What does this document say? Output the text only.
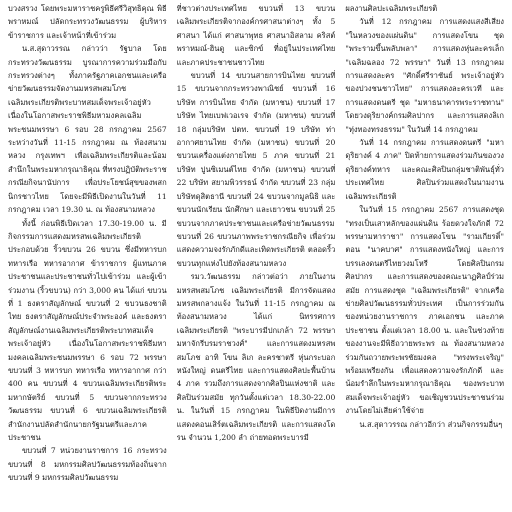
บวงสรวง โดยพระมหาราชครูพิธีศรีวิสุทธิคุณ พิธีพราหมณ์ ปลัดกระทรวงวัฒนธรรม ผู้บริหาร ข้าราชการ และเจ้าหน้าที่เข้าร่วม

น.ส.สุดาวรรณ กล่าวว่า รัฐบาล โดยกระทรวงวัฒนธรรม บูรณาการความร่วมมือกับกระทรวงต่างๆ ทั้งภาครัฐภาคเอกชนและเครือข่ายวัฒนธรรมจัดงานมหรสพสมโภช เฉลิมพระเกียรติพระบาทสมเด็จพระเจ้าอยู่หัว เนื่องในโอกาสพระราชพิธีมหามงคลเฉลิมพระชนมพรรษา 6 รอบ 28 กรกฎาคม 2567 ระหว่างวันที่ 11-15 กรกฎาคม ณ ท้องสนามหลวง กรุงเทพฯ เพื่อเฉลิมพระเกียรติและน้อมสำนึกในพระมหากรุณาธิคุณ ที่ทรงปฏิบัติพระราชกรณียกิจนานัปการ เพื่อประโยชน์สุขของพสกนิกรชาวไทย โดยจะมีพิธีเปิดงานในวันที่ 11 กรกฎาคม เวลา 19.30 น. ณ ท้องสนามหลวง

ทั้งนี้ ก่อนพิธีเปิดเวลา 17.30-19.00 น. มีกิจกรรมการแสดงมหรสพเฉลิมพระเกียรติประกอบด้วย ริ้วขบวน 26 ขบวน ซึ่งมีทหารบก ทหารเรือ ทหารอากาศ ข้าราชการ ผู้แทนภาคประชาชนและประชาชนทั่วไปเข้าร่วม และผู้เข้าร่วมงาน (ริ้วขบวน) กว่า 3,000 คน ได้แก่ ขบวนที่ 1 ธงตราสัญลักษณ์ ขบวนที่ 2 ขบวนธงชาติไทย ธงตราสัญลักษณ์ประจำพระองค์ และธงตราสัญลักษณ์งานเฉลิมพระเกียรติพระบาทสมเด็จพระเจ้าอยู่หัว เนื่องในโอกาสพระราชพิธีมหามงคลเฉลิมพระชนมพรรษา 6 รอบ 72 พรรษา ขบวนที่ 3 ทหารบก ทหารเรือ ทหารอากาศ กว่า 400 คน ขบวนที่ 4 ขบวนเฉลิมพระเกียรติพระมหากษัตริย์ ขบวนที่ 5 ขบวนจากกระทรวงวัฒนธรรม ขบวนที่ 6 ขบวนเฉลิมพระเกียรติ สำนักงานปลัดสำนักนายกรัฐมนตรีและภาคประชาชน

ขบวนที่ 7 หน่วยงานราชการ 16 กระทรวง ขบวนที่ 8 มหกรรมศิลปวัฒนธรรมท้องถิ่นจาก ขบวนที่ 9 มหกรรมศิลปวัฒนธรรม

ที่ชาวต่างประเทศไทย ขบวนที่ 13 ขบวนเฉลิมพระเกียรติจากองค์กรศาสนาต่างๆ ทั้ง 5 ศาสนา ได้แก่ ศาสนาพุทธ ศาสนาอิสลาม คริสต์ พราหมณ์-ฮินดู และซิกข์ ที่อยู่ในประเทศไทย และภาคประชาชนชาวไทย

ขบวนที่ 14 ขบวนสายการบินไทย ขบวนที่ 15 ขบวนจากกระทรวงพาณิชย์ ขบวนที่ 16 บริษัท การบินไทย จำกัด (มหาชน) ขบวนที่ 17 บริษัท ไทยเบฟเวอเรจ จำกัด (มหาชน) ขบวนที่ 18 กลุ่มบริษัท ปตท. ขบวนที่ 19 บริษัท ท่าอากาศยานไทย จำกัด (มหาชน) ขบวนที่ 20 ขบวนเครื่องแต่งกายไทย 5 ภาค ขบวนที่ 21 บริษัท ปูนซิเมนต์ไทย จำกัด (มหาชน) ขบวนที่ 22 บริษัท สยามพิวรรธน์ จำกัด ขบวนที่ 23 กลุ่มบริษัทดุสิตธานี ขบวนที่ 24 ขบวนจากมูลนิธิ และขบวนนักเรียน นักศึกษา และเยาวชน ขบวนที่ 25 ขบวนจากภาคประชาชนและเครือข่ายวัฒนธรรม ขบวนที่ 26 ขบวนภาพพระราชกรณียกิจ เพื่อร่วมแสดงความจงรักภักดีและเทิดพระเกียรติ ตลอดริ้วขบวนทุกแห่งไปยังท้องสนามหลวง

รมว.วัฒนธรรม กล่าวต่อว่า ภายในงานมหรสพสมโภช เฉลิมพระเกียรติ มีการจัดแสดงมหรสพกลางแจ้ง ในวันที่ 11-15 กรกฎาคม ณ ท้องสนามหลวง ได้แก่ นิทรรศการเฉลิมพระเกียรติ "พระบารมีปกเกล้า 72 พรรษามหาจักรีบรมราชวงศ์" และการแสดงมหรสพสมโภช อาทิ โขน ลิเก ละครชาตรี หุ่นกระบอก หนังใหญ่ ดนตรีไทย และการแสดงศิลปะพื้นบ้าน 4 ภาค รวมถึงการแสดงจากศิลปินแห่งชาติ และศิลปินร่วมสมัย ทุกวันตั้งแต่เวลา 18.30-22.00 น. ในวันที่ 15 กรกฎาคม ในพิธีปิดงานมีการแสดงคอนเสิร์ตเฉลิมพระเกียรติ และการแสดงโดรน จำนวน 1,200 ลำ ถ่ายทอดพระบารมี

ผลงานศิลปะเฉลิมพระเกียรติ

วันที่ 12 กรกฎาคม การแสดงแสงสีเสียง "ในหลวงของแผ่นดิน" การแสดงโขน ชุด "พระรามขึ้นพลับพลา" การแสดงหุ่นละครเล็ก "เฉลิมฉลอง 72 พรรษา" วันที่ 13 กรกฎาคม การแสดงละคร "ศักดิ์ศรีราชันย์ พระเจ้าอยู่หัวของปวงชนชาวไทย" การแสดงละครเวที และการแสดงดนตรี ชุด "มหาธนาคารพระราชทาน" โดยวงดุริยางค์กรมศิลปากร และการแสดงลิเก "ทุ่งทองทรงธรรม" ในวันที่ 14 กรกฎาคม

วันที่ 14 กรกฎาคม การแสดงดนตรี "มหาดุริยางค์ 4 ภาค" ปิดท้ายการแสดงร่วมกันของวงดุริยางค์ทหาร และคณะศิลปินกลุ่มชาติพันธุ์ทั่วประเทศไทย ศิลปินร่วมแสดงในนามงานเฉลิมพระเกียรติ

ในวันที่ 15 กรกฎาคม 2567 การแสดงชุด "ทรงเป็นเสาหลักของแผ่นดิน ร้อยดวงใจภักดี 72 พรรษามหาราชา" การแสดงโขน "รามเกียรติ์" ตอน "นาคบาศ" การแสดงหนังใหญ่ และการบรรเลงดนตรีไทยวงมโหรี โดยศิลปินกรมศิลปากร และการแสดงของคณะนาฏศิลป์ร่วมสมัย การแสดงชุด "เฉลิมพระเกียรติ" จากเครือข่ายศิลปวัฒนธรรมทั่วประเทศ เป็นการร่วมกันของหน่วยงานราชการ ภาคเอกชน และภาคประชาชน ตั้งแต่เวลา 18.00 น. และในช่วงท้ายของงานจะมีพิธีถวายพระพร ณ ท้องสนามหลวง ร่วมกันถวายพระพรชัยมงคล "ทรงพระเจริญ" พร้อมเพรียงกัน เพื่อแสดงความจงรักภักดี และน้อมรำลึกในพระมหากรุณาธิคุณ ของพระบาทสมเด็จพระเจ้าอยู่หัว ขอเชิญชวนประชาชนร่วมงานโดยไม่เสียค่าใช้จ่าย

น.ส.สุดาวรรณ กล่าวอีกว่า ส่วนกิจกรรมอื่นๆ
